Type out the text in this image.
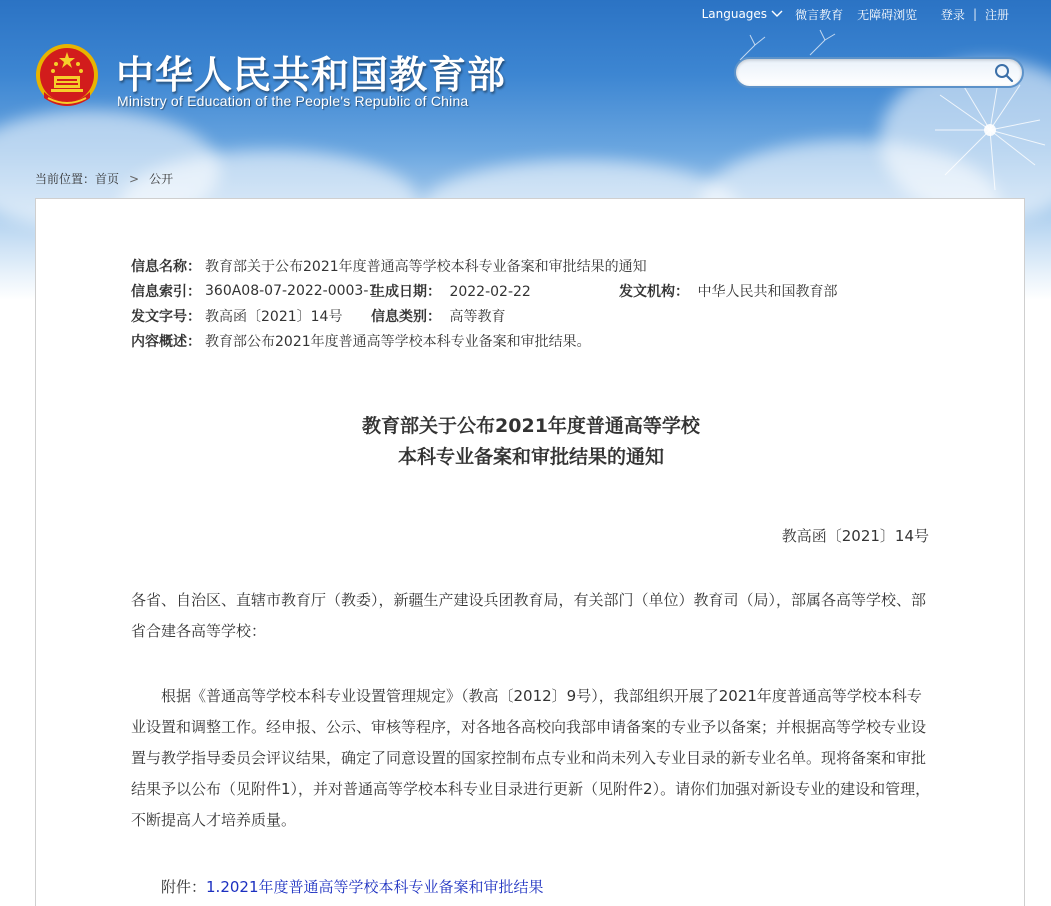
Languages 微言教育 无障碍浏览
登录 | 注册
中华人民共和国教育部
Ministry of Education of the People's Republic of China
当前位置： 首页 > 公开
信息名称： 教育部关于公布2021年度普通高等学校本科专业备案和审批结果的通知
信息索引： 360A08-07-2022-0003-1
生成日期： 2022-02-22	发文机构： 中华人民共和国教育部
发文字号： 教高函〔2021〕14号 信息类别： 高等教育
内容概述： 教育部公布2021年度普通高等学校本科专业备案和审批结果。
教育部关于公布2021年度普通高等学校
本科专业备案和审批结果的通知
教高函〔2021〕14号
各省、自治区、直辖市教育厅（教委），新疆生产建设兵团教育局，有关部门（单位）教育司（局），部属各高等学校、部省合建各高等学校：
根据《普通高等学校本科专业设置管理规定》（教高〔2012〕9号），我部组织开展了2021年度普通高等学校本科专业设置和调整工作。经申报、公示、审核等程序，对各地各高校向我部申请备案的专业予以备案；并根据高等学校专业设置与教学指导委员会评议结果，确定了同意设置的国家控制布点专业和尚未列入专业目录的新专业名单。现将备案和审批结果予以公布（见附件1），并对普通高等学校本科专业目录进行更新（见附件2）。请你们加强对新设专业的建设和管理，不断提高人才培养质量。
附件：1.2021年度普通高等学校本科专业备案和审批结果
